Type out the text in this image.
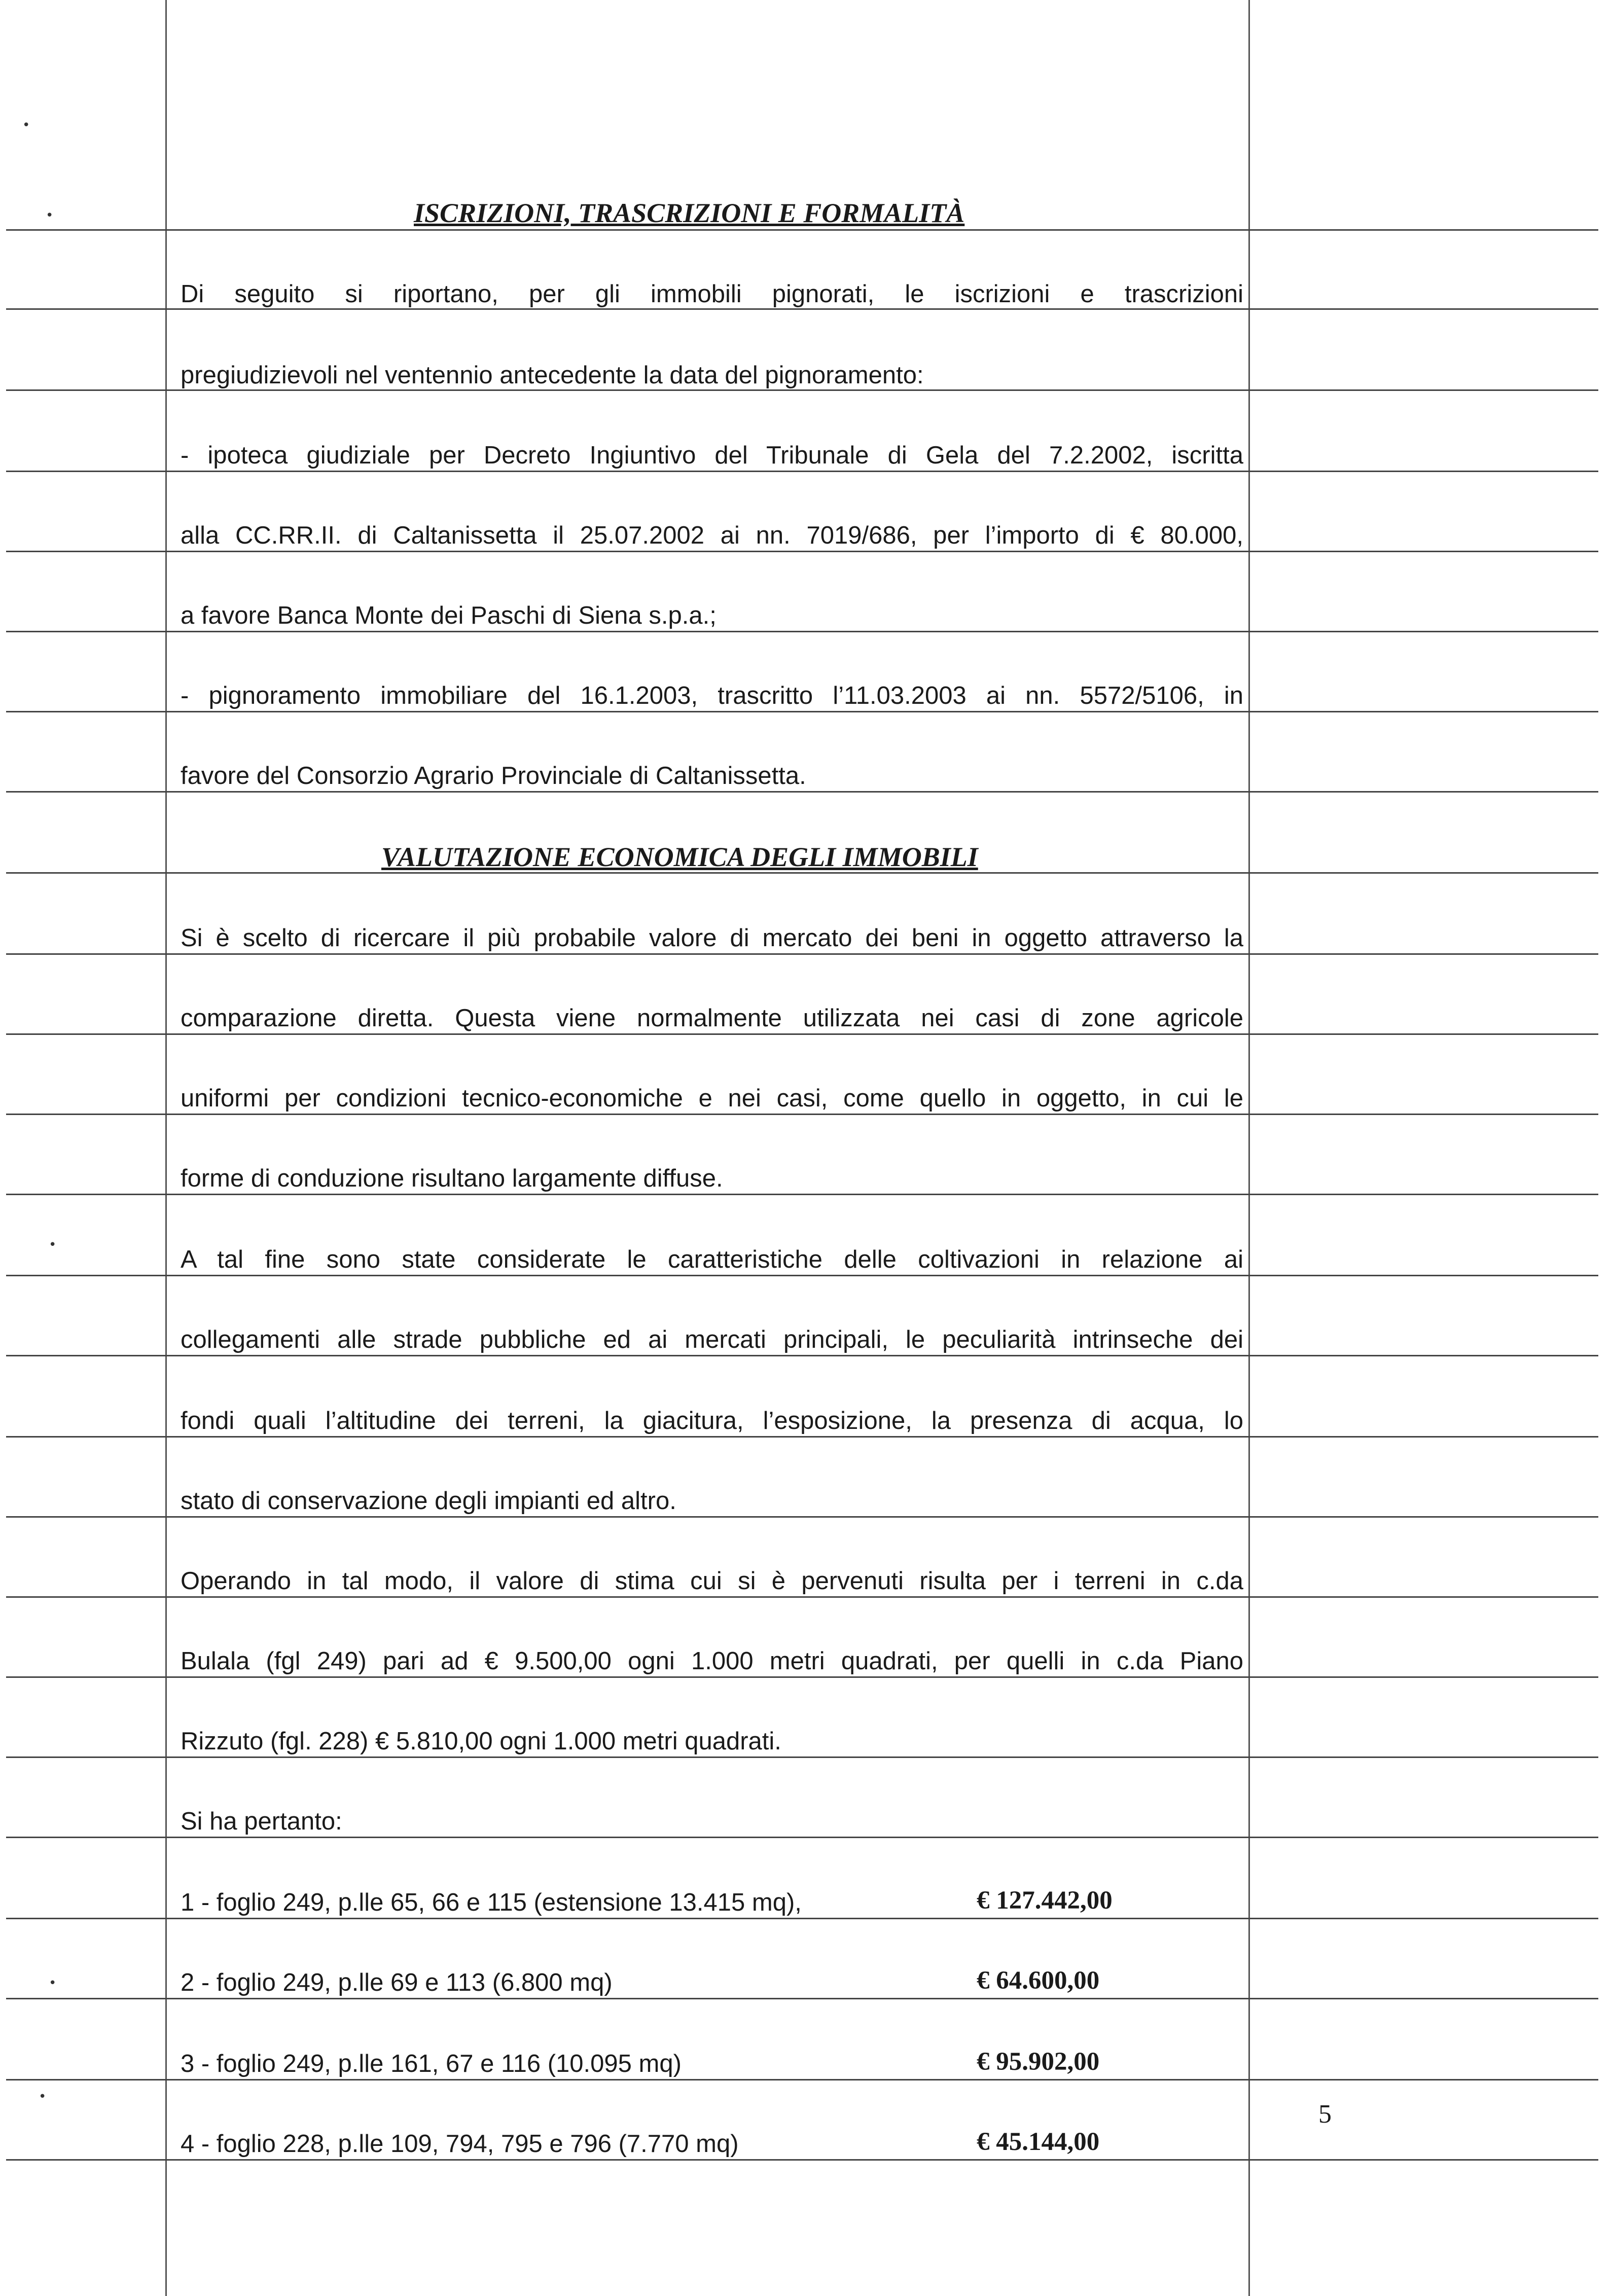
•
•
•
•
•
ISCRIZIONI, TRASCRIZIONI E FORMALITÀ
Di seguito si riportano, per gli immobili pignorati, le iscrizioni e trascrizioni
pregiudizievoli nel ventennio antecedente la data del pignoramento:
- ipoteca giudiziale per Decreto Ingiuntivo del Tribunale di Gela del 7.2.2002, iscritta
alla CC.RR.II. di Caltanissetta il 25.07.2002 ai nn. 7019/686, per l’importo di € 80.000,
a favore Banca Monte dei Paschi di Siena s.p.a.;
- pignoramento immobiliare del 16.1.2003, trascritto l’11.03.2003 ai nn. 5572/5106, in
favore del Consorzio Agrario Provinciale di Caltanissetta.
VALUTAZIONE ECONOMICA DEGLI IMMOBILI
Si è scelto di ricercare il più probabile valore di mercato dei beni in oggetto attraverso la
comparazione diretta. Questa viene normalmente utilizzata nei casi di zone agricole
uniformi per condizioni tecnico-economiche e nei casi, come quello in oggetto, in cui le
forme di conduzione risultano largamente diffuse.
A tal fine sono state considerate le caratteristiche delle coltivazioni in relazione ai
collegamenti alle strade pubbliche ed ai mercati principali, le peculiarità intrinseche dei
fondi quali l’altitudine dei terreni, la giacitura, l’esposizione, la presenza di acqua, lo
stato di conservazione degli impianti ed altro.
Operando in tal modo, il valore di stima cui si è pervenuti risulta per i terreni in c.da
Bulala (fgl 249) pari ad € 9.500,00 ogni 1.000 metri quadrati, per quelli in c.da Piano
Rizzuto (fgl. 228) € 5.810,00 ogni 1.000 metri quadrati.
Si ha pertanto:
1 - foglio 249, p.lle 65, 66 e 115 (estensione 13.415 mq),	€ 127.442,00
2 - foglio 249, p.lle 69 e 113 (6.800 mq)	€ 64.600,00
3 - foglio 249, p.lle 161, 67 e 116 (10.095 mq)	€ 95.902,00
4 - foglio 228, p.lle 109, 794, 795 e 796 (7.770 mq)	€ 45.144,00
5
